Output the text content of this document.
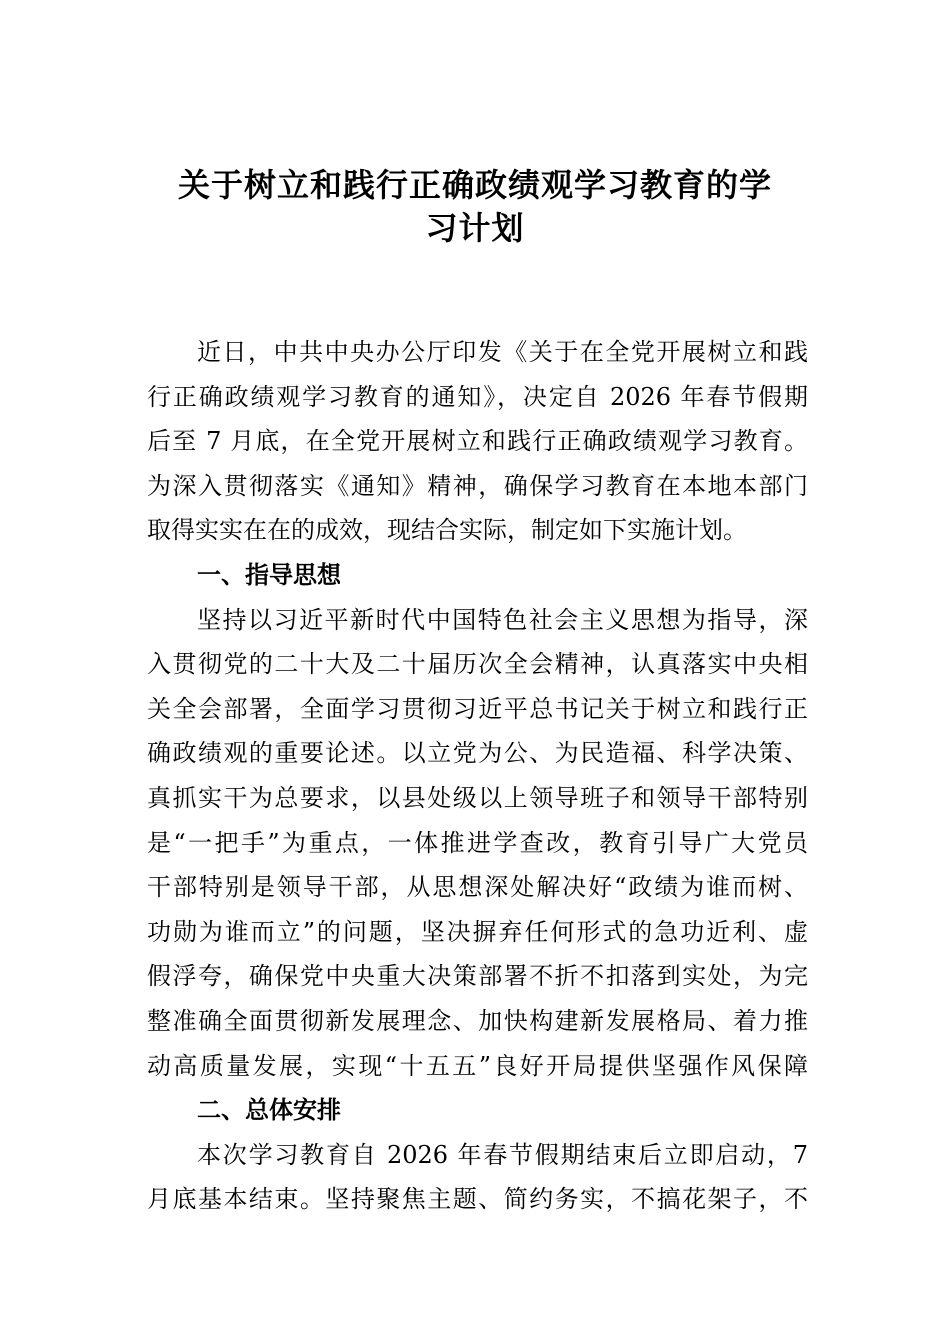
关于树立和践行正确政绩观学习教育的学
习计划
近日，中共中央办公厅印发《关于在全党开展树立和践
行正确政绩观学习教育的通知》，决定自 2026 年春节假期
后至 7 月底，在全党开展树立和践行正确政绩观学习教育。
为深入贯彻落实《通知》精神，确保学习教育在本地本部门
取得实实在在的成效，现结合实际，制定如下实施计划。
一、指导思想
坚持以习近平新时代中国特色社会主义思想为指导，深
入贯彻党的二十大及二十届历次全会精神，认真落实中央相
关全会部署，全面学习贯彻习近平总书记关于树立和践行正
确政绩观的重要论述。以立党为公、为民造福、科学决策、
真抓实干为总要求，以县处级以上领导班子和领导干部特别
是“一把手”为重点，一体推进学查改，教育引导广大党员
干部特别是领导干部，从思想深处解决好“政绩为谁而树、
功勋为谁而立”的问题，坚决摒弃任何形式的急功近利、虚
假浮夸，确保党中央重大决策部署不折不扣落到实处，为完
整准确全面贯彻新发展理念、加快构建新发展格局、着力推
动高质量发展，实现“十五五”良好开局提供坚强作风保障
二、总体安排
本次学习教育自 2026 年春节假期结束后立即启动，7
月底基本结束。坚持聚焦主题、简约务实，不搞花架子，不
